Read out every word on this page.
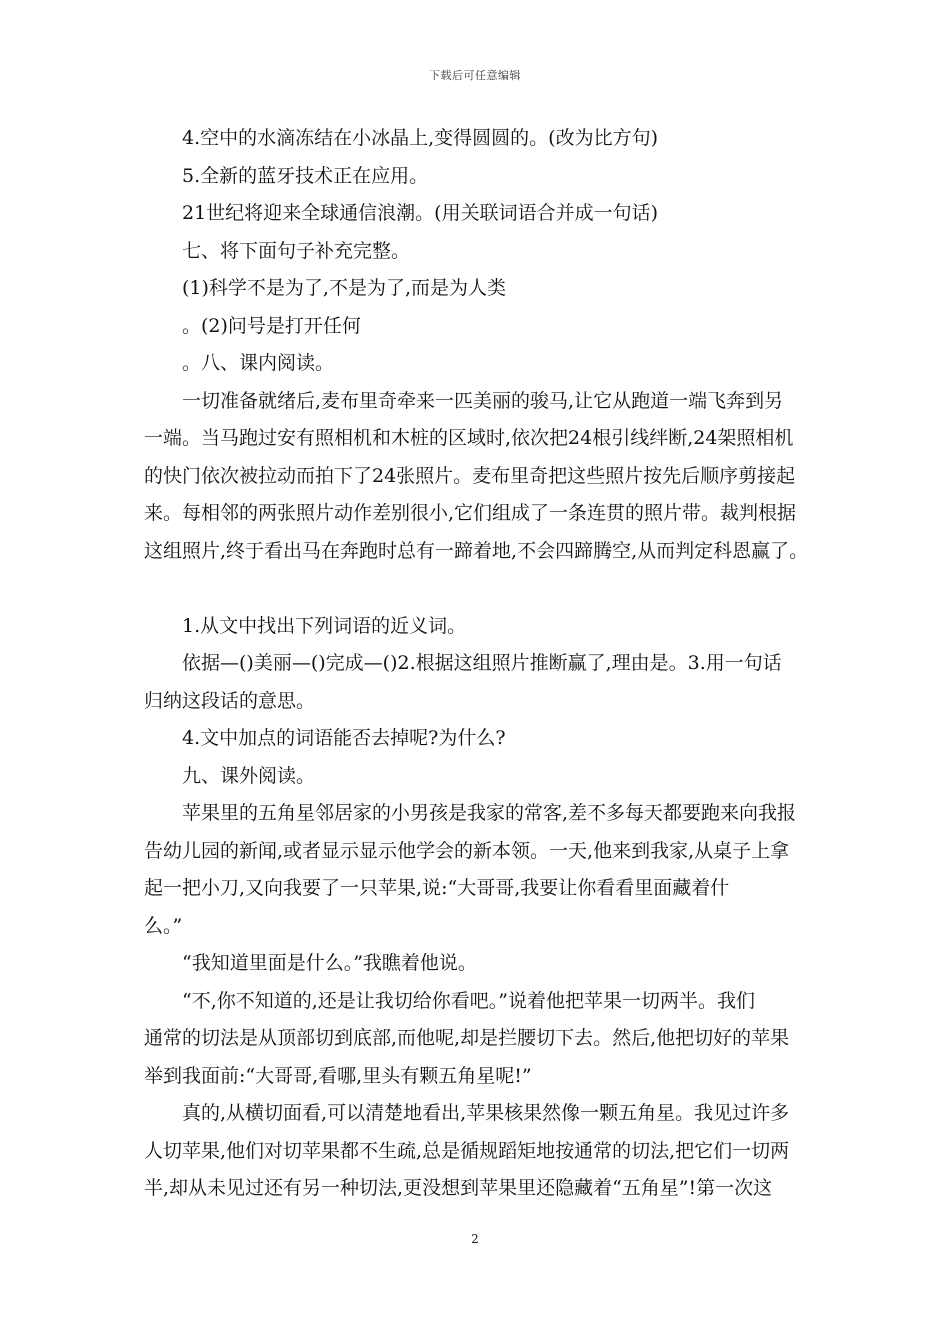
下载后可任意编辑
4.空中的水滴冻结在小冰晶上,变得圆圆的。(改为比方句)
5.全新的蓝牙技术正在应用。
21世纪将迎来全球通信浪潮。(用关联词语合并成一句话)
七、将下面句子补充完整。
(1)科学不是为了,不是为了,而是为人类
。(2)问号是打开任何
。八、课内阅读。
一切准备就绪后,麦布里奇牵来一匹美丽的骏马,让它从跑道一端飞奔到另
一端。当马跑过安有照相机和木桩的区域时,依次把24根引线绊断,24架照相机
的快门依次被拉动而拍下了24张照片。麦布里奇把这些照片按先后顺序剪接起
来。每相邻的两张照片动作差别很小,它们组成了一条连贯的照片带。裁判根据
这组照片,终于看出马在奔跑时总有一蹄着地,不会四蹄腾空,从而判定科恩赢了。
1.从文中找出下列词语的近义词。
依据—()美丽—()完成—()2.根据这组照片推断赢了,理由是。3.用一句话
归纳这段话的意思。
4.文中加点的词语能否去掉呢?为什么?
九、课外阅读。
苹果里的五角星邻居家的小男孩是我家的常客,差不多每天都要跑来向我报
告幼儿园的新闻,或者显示显示他学会的新本领。一天,他来到我家,从桌子上拿
起一把小刀,又向我要了一只苹果,说:“大哥哥,我要让你看看里面藏着什
么。”
“我知道里面是什么。”我瞧着他说。
“不,你不知道的,还是让我切给你看吧。”说着他把苹果一切两半。我们
通常的切法是从顶部切到底部,而他呢,却是拦腰切下去。然后,他把切好的苹果
举到我面前:“大哥哥,看哪,里头有颗五角星呢!”
真的,从横切面看,可以清楚地看出,苹果核果然像一颗五角星。我见过许多
人切苹果,他们对切苹果都不生疏,总是循规蹈矩地按通常的切法,把它们一切两
半,却从未见过还有另一种切法,更没想到苹果里还隐藏着“五角星”!第一次这
2
